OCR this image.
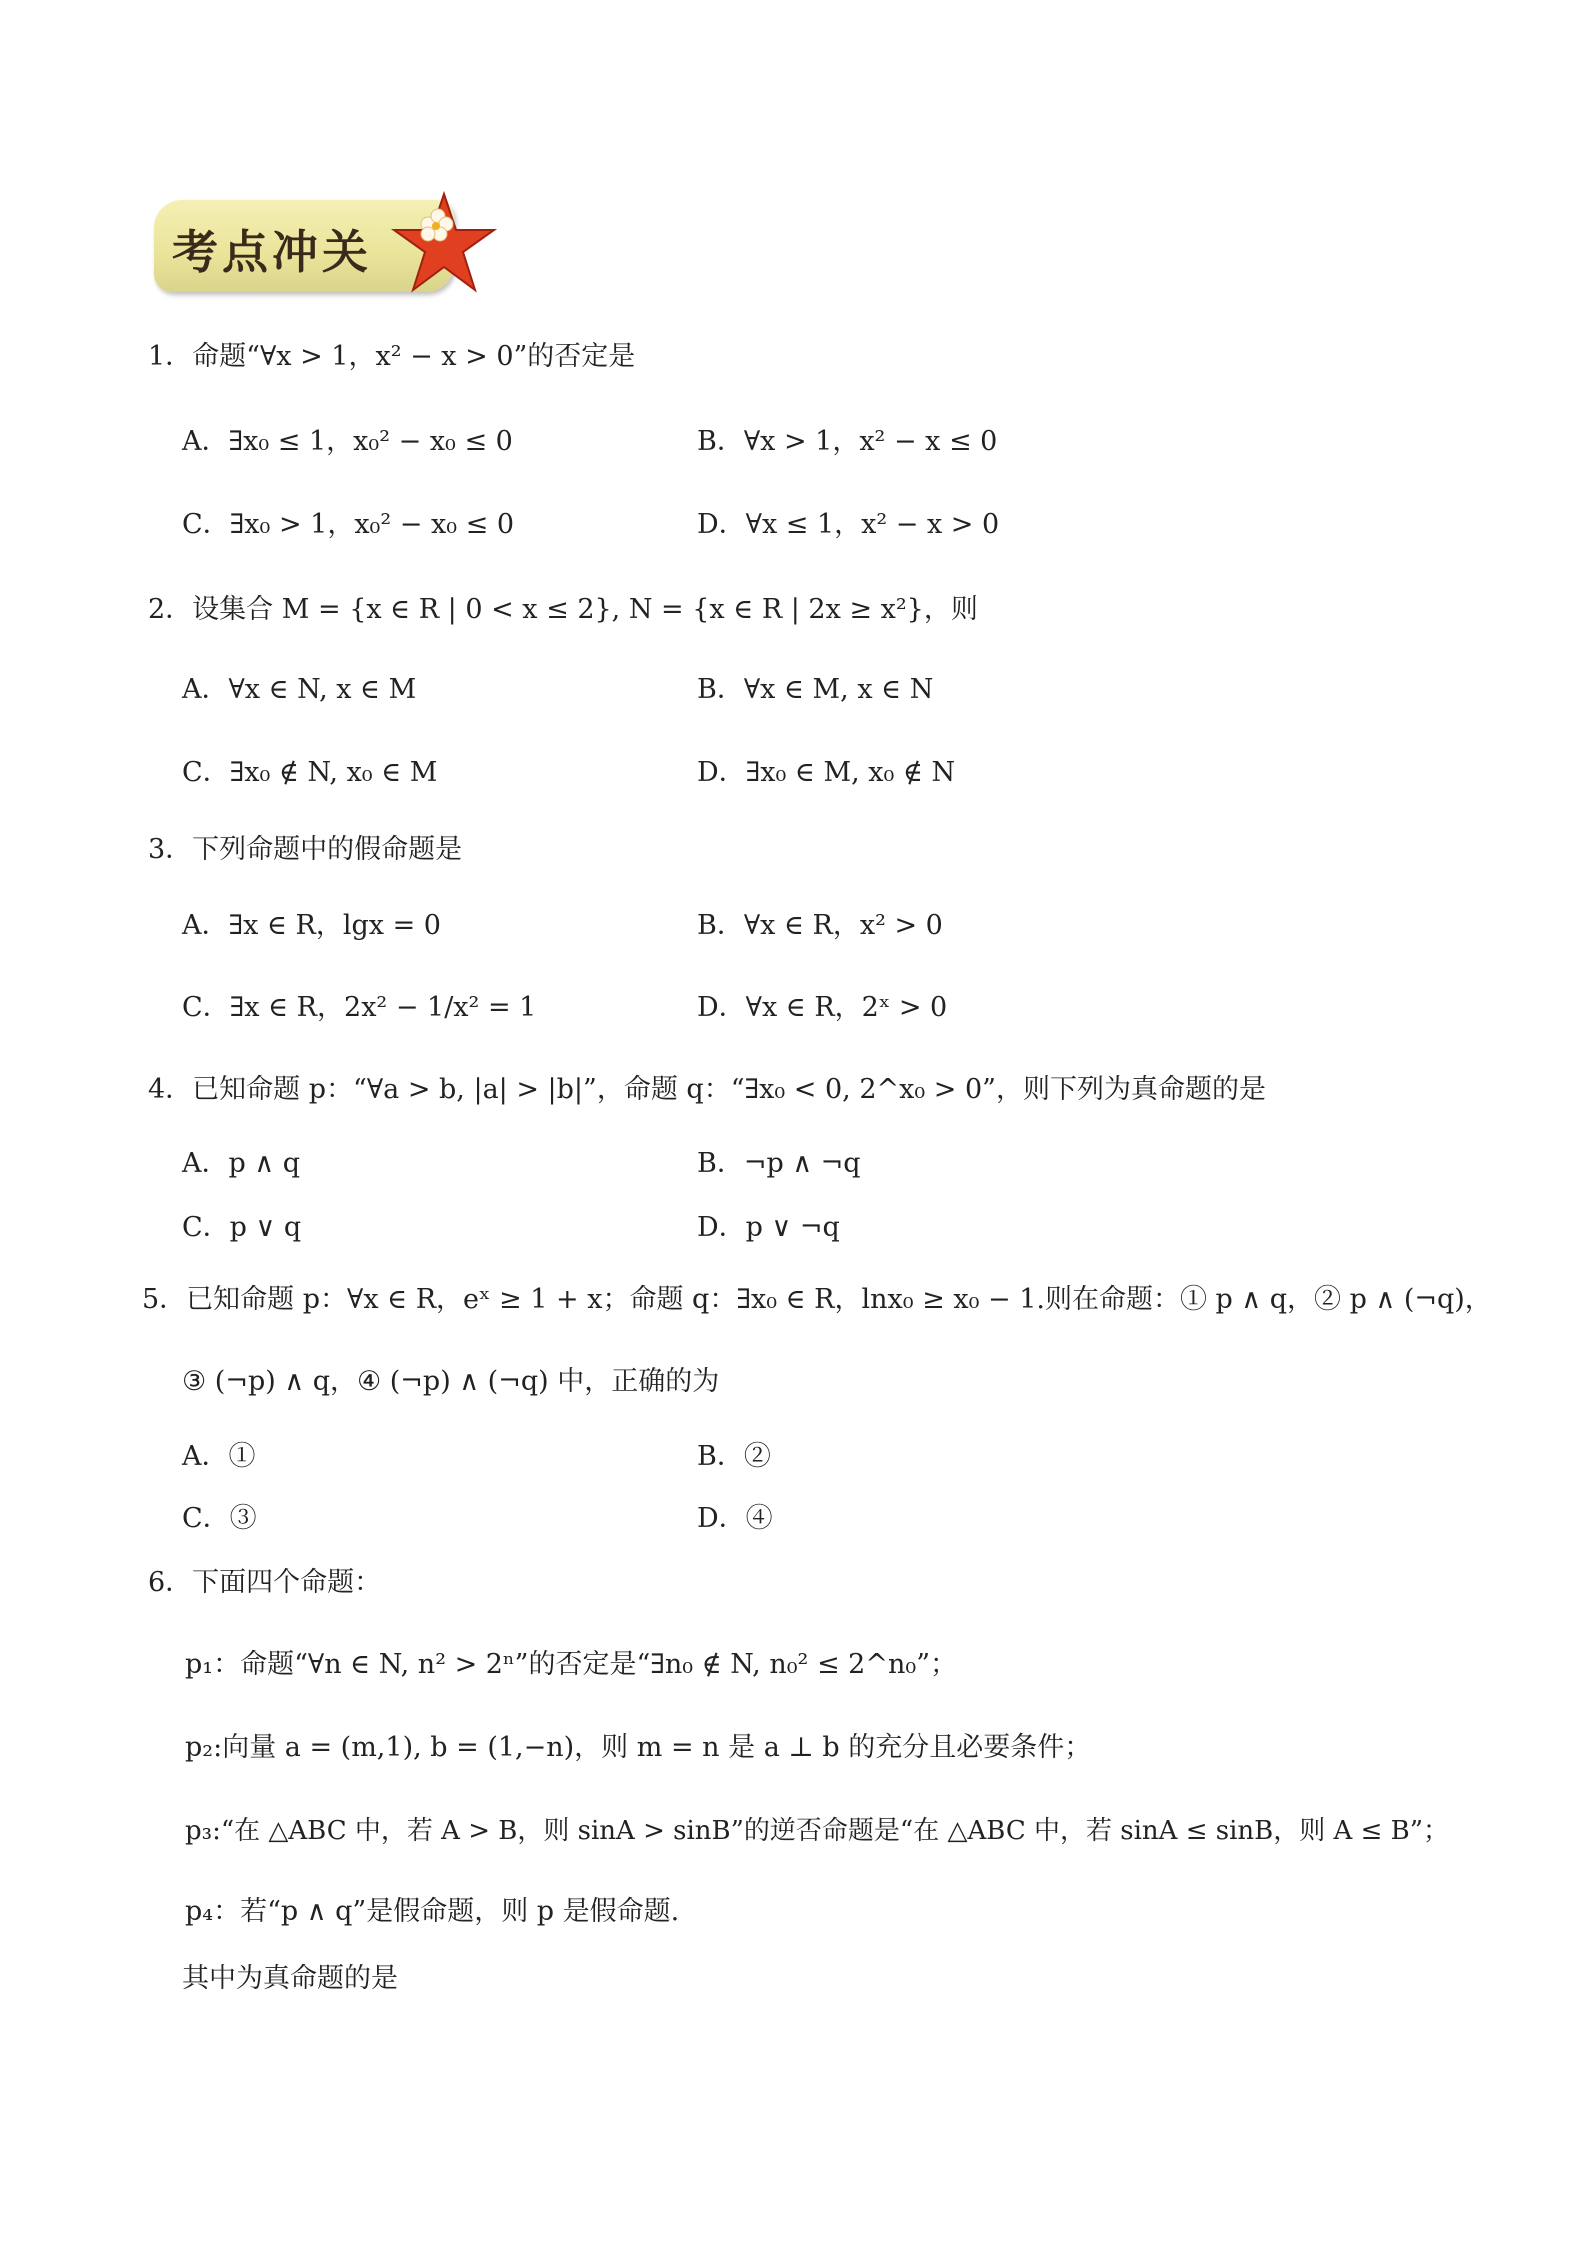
考点冲关
1．命题“∀x > 1，x² − x > 0”的否定是
A．∃x₀ ≤ 1，x₀² − x₀ ≤ 0	B．∀x > 1，x² − x ≤ 0
C．∃x₀ > 1，x₀² − x₀ ≤ 0	D．∀x ≤ 1，x² − x > 0
2．设集合 M = {x ∈ R | 0 < x ≤ 2}, N = {x ∈ R | 2x ≥ x²}，则
A．∀x ∈ N, x ∈ M	B．∀x ∈ M, x ∈ N
C．∃x₀ ∉ N, x₀ ∈ M	D．∃x₀ ∈ M, x₀ ∉ N
3．下列命题中的假命题是
A．∃x ∈ R，lgx = 0	B．∀x ∈ R，x² > 0
C．∃x ∈ R，2x² − 1/x² = 1	D．∀x ∈ R，2ˣ > 0
4．已知命题 p：“∀a > b, |a| > |b|”，命题 q：“∃x₀ < 0, 2^x₀ > 0”，则下列为真命题的是
A．p ∧ q	B．¬p ∧ ¬q
C．p ∨ q	D．p ∨ ¬q
5．已知命题 p：∀x ∈ R，eˣ ≥ 1 + x；命题 q：∃x₀ ∈ R，lnx₀ ≥ x₀ − 1.则在命题：① p ∧ q，② p ∧ (¬q)，
③ (¬p) ∧ q，④ (¬p) ∧ (¬q) 中，正确的为
A．①	B．②
C．③	D．④
6．下面四个命题：
p₁：命题“∀n ∈ N, n² > 2ⁿ”的否定是“∃n₀ ∉ N, n₀² ≤ 2^n₀”；
p₂:向量 a = (m,1), b = (1,−n)，则 m = n 是 a ⊥ b 的充分且必要条件；
p₃:“在 △ABC 中，若 A > B，则 sinA > sinB”的逆否命题是“在 △ABC 中，若 sinA ≤ sinB，则 A ≤ B”；
p₄：若“p ∧ q”是假命题，则 p 是假命题.
其中为真命题的是
